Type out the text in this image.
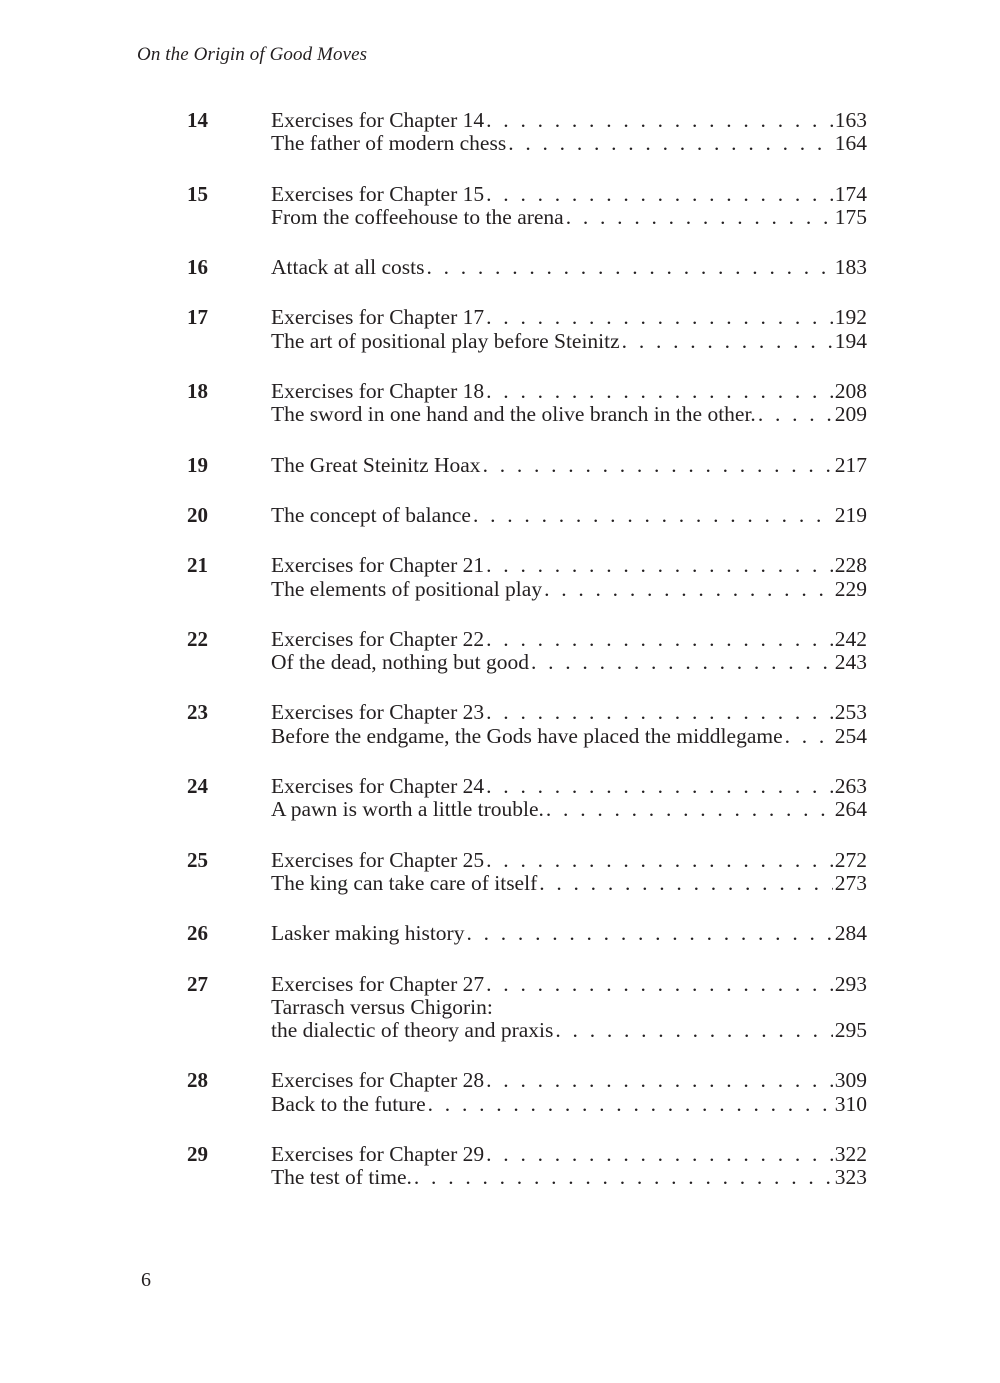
On the Origin of Good Moves
14	Exercises for Chapter 14 . . .	163
The father of modern chess . . .	164
15	Exercises for Chapter 15 . . .	174
From the coffeehouse to the arena . . .	175
16	Attack at all costs . . .	183
17	Exercises for Chapter 17 . . .	192
The art of positional play before Steinitz . . .	194
18	Exercises for Chapter 18 . . .	208
The sword in one hand and the olive branch in the other. . . .	209
19	The Great Steinitz Hoax . . .	217
20	The concept of balance . . .	219
21	Exercises for Chapter 21 . . .	228
The elements of positional play . . .	229
22	Exercises for Chapter 22 . . .	242
Of the dead, nothing but good . . .	243
23	Exercises for Chapter 23 . . .	253
Before the endgame, the Gods have placed the middlegame . . . 254
24	Exercises for Chapter 24 . . .	263
A pawn is worth a little trouble. . . .	264
25	Exercises for Chapter 25 . . .	272
The king can take care of itself . . .	273
26	Lasker making history . . .	284
27	Exercises for Chapter 27 . . .	293
Tarrasch versus Chigorin:
the dialectic of theory and praxis . . .	295
28	Exercises for Chapter 28 . . .	309
Back to the future . . .	310
29	Exercises for Chapter 29 . . .	322
The test of time. . . .	323
6
